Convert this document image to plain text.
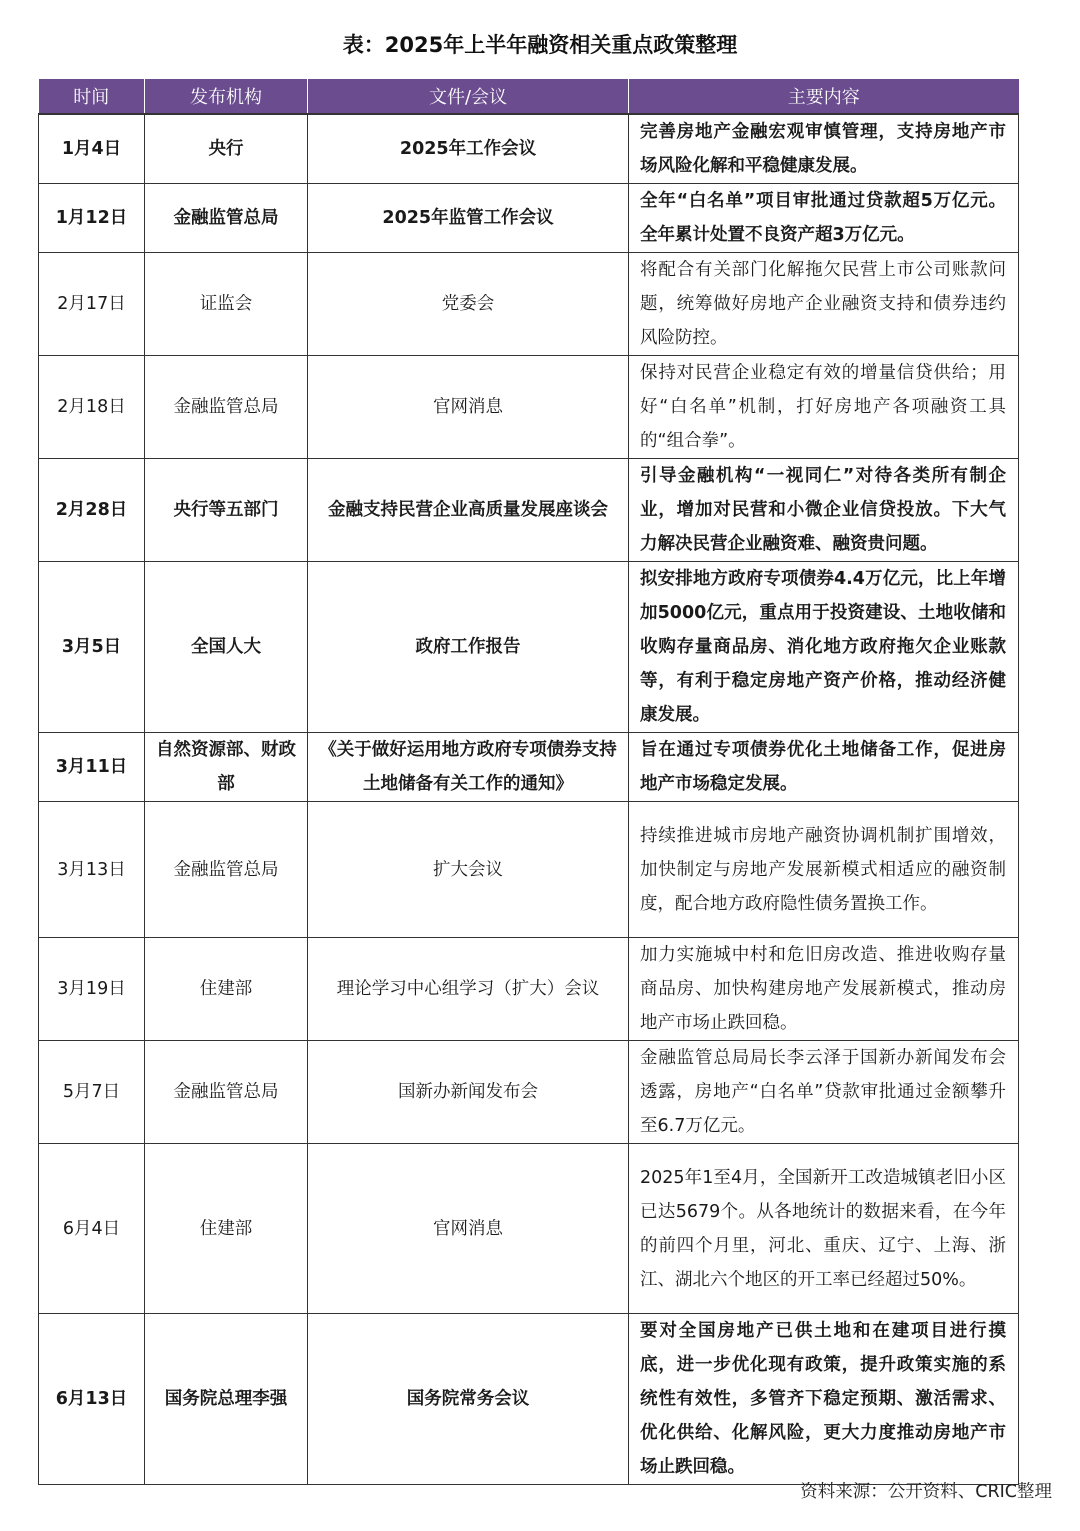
表：2025年上半年融资相关重点政策整理
时间	发布机构	文件/会议	主要内容
1月4日	央行	2025年工作会议	完善房地产金融宏观审慎管理，支持房地产市场风险化解和平稳健康发展。
1月12日	金融监管总局	2025年监管工作会议	全年“白名单”项目审批通过贷款超5万亿元。全年累计处置不良资产超3万亿元。
2月17日	证监会	党委会	将配合有关部门化解拖欠民营上市公司账款问题，统筹做好房地产企业融资支持和债券违约风险防控。
2月18日	金融监管总局	官网消息	保持对民营企业稳定有效的增量信贷供给；用好“白名单”机制，打好房地产各项融资工具的“组合拳”。
2月28日	央行等五部门	金融支持民营企业高质量发展座谈会	引导金融机构“一视同仁”对待各类所有制企业，增加对民营和小微企业信贷投放。下大气力解决民营企业融资难、融资贵问题。
3月5日	全国人大	政府工作报告	拟安排地方政府专项债券4.4万亿元，比上年增加5000亿元，重点用于投资建设、土地收储和收购存量商品房、消化地方政府拖欠企业账款等，有利于稳定房地产资产价格，推动经济健康发展。
3月11日	自然资源部、财政部	《关于做好运用地方政府专项债券支持土地储备有关工作的通知》	旨在通过专项债券优化土地储备工作，促进房地产市场稳定发展。
3月13日	金融监管总局	扩大会议	持续推进城市房地产融资协调机制扩围增效，加快制定与房地产发展新模式相适应的融资制度，配合地方政府隐性债务置换工作。
3月19日	住建部	理论学习中心组学习（扩大）会议	加力实施城中村和危旧房改造、推进收购存量商品房、加快构建房地产发展新模式，推动房地产市场止跌回稳。
5月7日	金融监管总局	国新办新闻发布会	金融监管总局局长李云泽于国新办新闻发布会透露，房地产“白名单”贷款审批通过金额攀升至6.7万亿元。
6月4日	住建部	官网消息	2025年1至4月，全国新开工改造城镇老旧小区已达5679个。从各地统计的数据来看，在今年的前四个月里，河北、重庆、辽宁、上海、浙江、湖北六个地区的开工率已经超过50%。
6月13日	国务院总理李强	国务院常务会议	要对全国房地产已供土地和在建项目进行摸底，进一步优化现有政策，提升政策实施的系统性有效性，多管齐下稳定预期、激活需求、优化供给、化解风险，更大力度推动房地产市场止跌回稳。
资料来源：公开资料、CRIC整理
